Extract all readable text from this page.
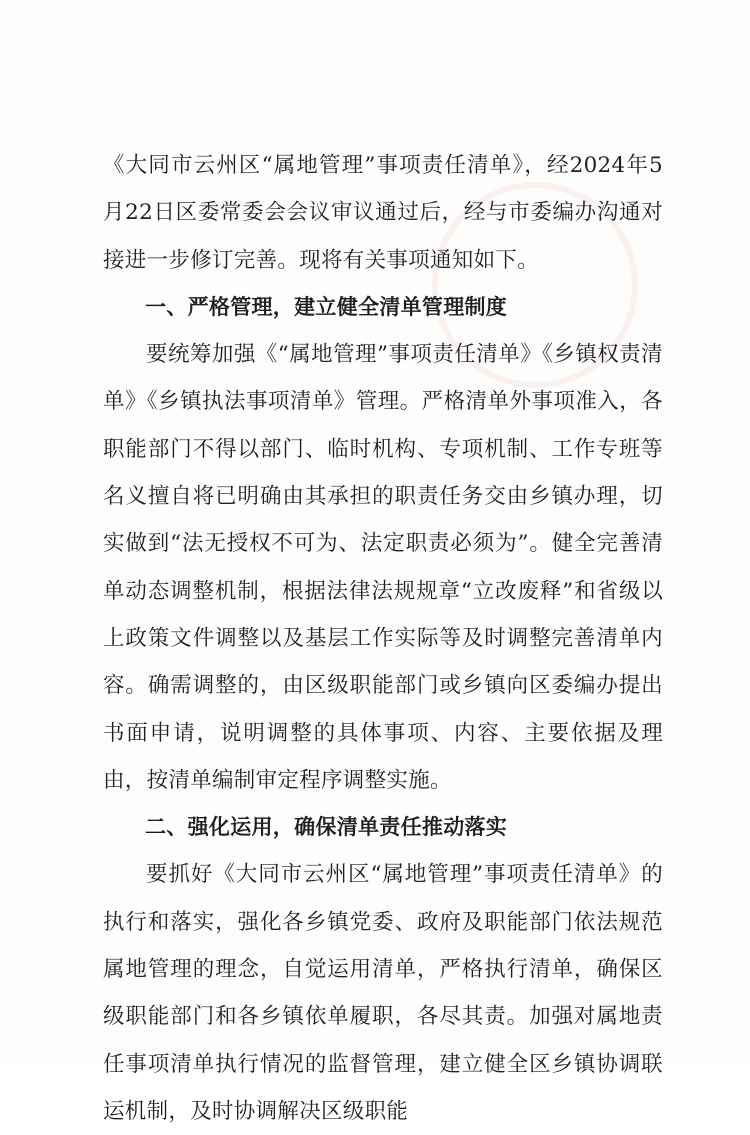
《大同市云州区“属地管理”事项责任清单》，经2024年5月22日区委常委会会议审议通过后，经与市委编办沟通对接进一步修订完善。现将有关事项通知如下。

一、严格管理，建立健全清单管理制度

要统筹加强《“属地管理”事项责任清单》《乡镇权责清单》《乡镇执法事项清单》管理。严格清单外事项准入，各职能部门不得以部门、临时机构、专项机制、工作专班等名义擅自将已明确由其承担的职责任务交由乡镇办理，切实做到“法无授权不可为、法定职责必须为”。健全完善清单动态调整机制，根据法律法规规章“立改废释”和省级以上政策文件调整以及基层工作实际等及时调整完善清单内容。确需调整的，由区级职能部门或乡镇向区委编办提出书面申请，说明调整的具体事项、内容、主要依据及理由，按清单编制审定程序调整实施。

二、强化运用，确保清单责任推动落实

要抓好《大同市云州区“属地管理”事项责任清单》的执行和落实，强化各乡镇党委、政府及职能部门依法规范属地管理的理念，自觉运用清单，严格执行清单，确保区级职能部门和各乡镇依单履职，各尽其责。加强对属地责任事项清单执行情况的监督管理，建立健全区乡镇协调联运机制，及时协调解决区级职能
